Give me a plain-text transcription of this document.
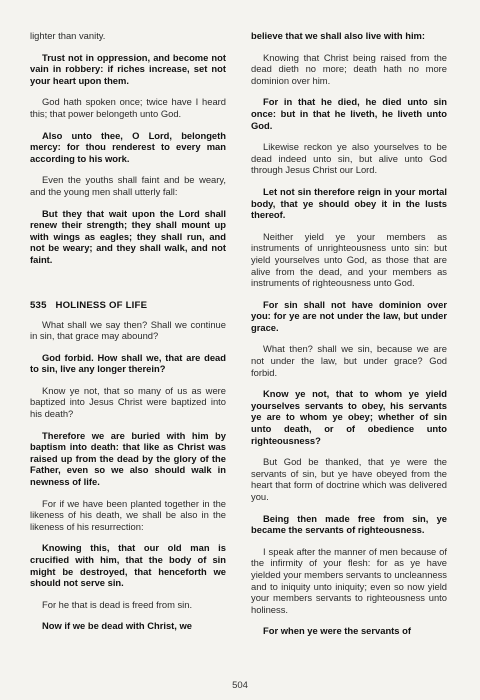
lighter than vanity.

Trust not in oppression, and become not vain in robbery: if riches increase, set not your heart upon them.

God hath spoken once; twice have I heard this; that power belongeth unto God.

Also unto thee, O Lord, belongeth mercy: for thou renderest to every man according to his work.

Even the youths shall faint and be weary, and the young men shall utterly fall:

But they that wait upon the Lord shall renew their strength; they shall mount up with wings as eagles; they shall run, and not be weary; and they shall walk, and not faint.

535 HOLINESS OF LIFE

What shall we say then? Shall we continue in sin, that grace may abound?

God forbid. How shall we, that are dead to sin, live any longer therein?

Know ye not, that so many of us as were baptized into Jesus Christ were baptized into his death?

Therefore we are buried with him by baptism into death: that like as Christ was raised up from the dead by the glory of the Father, even so we also should walk in newness of life.

For if we have been planted together in the likeness of his death, we shall be also in the likeness of his resurrection:

Knowing this, that our old man is crucified with him, that the body of sin might be destroyed, that henceforth we should not serve sin.

For he that is dead is freed from sin.

Now if we be dead with Christ, we

believe that we shall also live with him:

Knowing that Christ being raised from the dead dieth no more; death hath no more dominion over him.

For in that he died, he died unto sin once: but in that he liveth, he liveth unto God.

Likewise reckon ye also yourselves to be dead indeed unto sin, but alive unto God through Jesus Christ our Lord.

Let not sin therefore reign in your mortal body, that ye should obey it in the lusts thereof.

Neither yield ye your members as instruments of unrighteousness unto sin: but yield yourselves unto God, as those that are alive from the dead, and your members as instruments of righteousness unto God.

For sin shall not have dominion over you: for ye are not under the law, but under grace.

What then? shall we sin, because we are not under the law, but under grace? God forbid.

Know ye not, that to whom ye yield yourselves servants to obey, his servants ye are to whom ye obey; whether of sin unto death, or of obedience unto righteousness?

But God be thanked, that ye were the servants of sin, but ye have obeyed from the heart that form of doctrine which was delivered you.

Being then made free from sin, ye became the servants of righteousness.

I speak after the manner of men because of the infirmity of your flesh: for as ye have yielded your members servants to uncleanness and to iniquity unto iniquity; even so now yield your members servants to righteousness unto holiness.

For when ye were the servants of

504
